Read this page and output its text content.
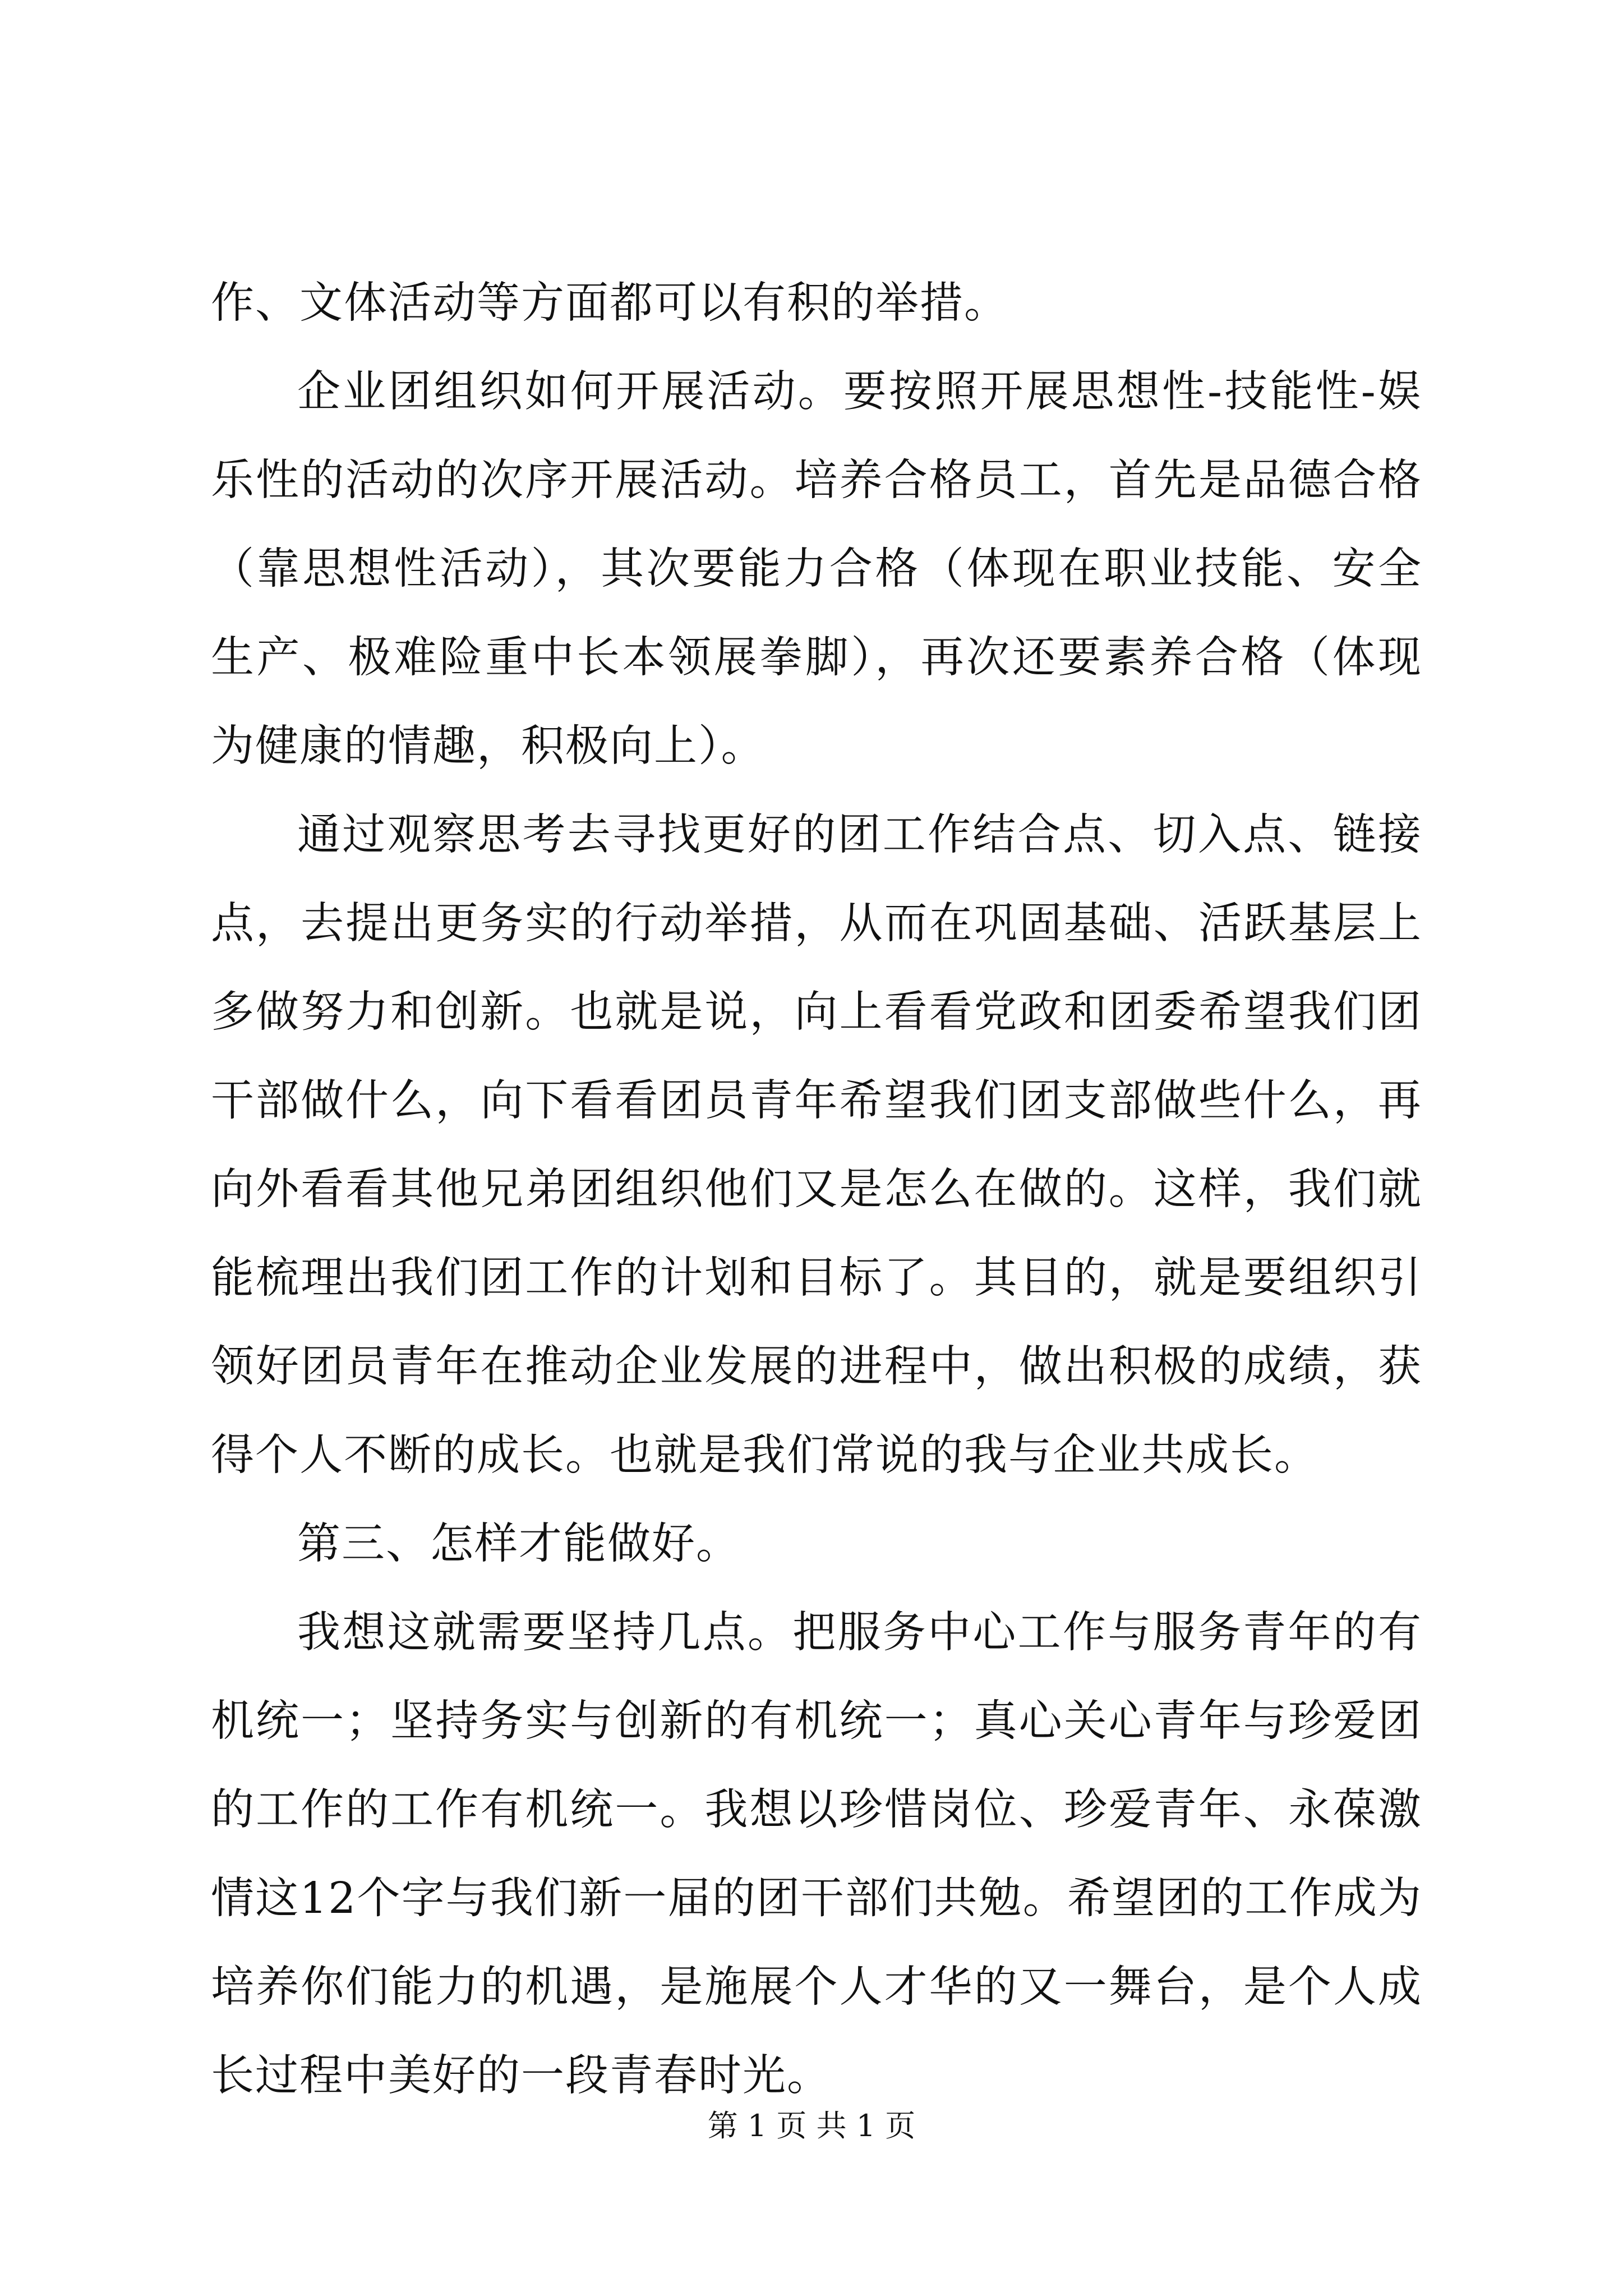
作、文体活动等方面都可以有积的举措。

企业团组织如何开展活动。要按照开展思想性-技能性-娱乐性的活动的次序开展活动。培养合格员工，首先是品德合格（靠思想性活动），其次要能力合格（体现在职业技能、安全生产、极难险重中长本领展拳脚），再次还要素养合格（体现为健康的情趣，积极向上）。

通过观察思考去寻找更好的团工作结合点、切入点、链接点，去提出更务实的行动举措，从而在巩固基础、活跃基层上多做努力和创新。也就是说，向上看看党政和团委希望我们团干部做什么，向下看看团员青年希望我们团支部做些什么，再向外看看其他兄弟团组织他们又是怎么在做的。这样，我们就能梳理出我们团工作的计划和目标了。其目的，就是要组织引领好团员青年在推动企业发展的进程中，做出积极的成绩，获得个人不断的成长。也就是我们常说的我与企业共成长。

第三、怎样才能做好。

我想这就需要坚持几点。把服务中心工作与服务青年的有机统一；坚持务实与创新的有机统一；真心关心青年与珍爱团的工作的工作有机统一。我想以珍惜岗位、珍爱青年、永葆激情这12个字与我们新一届的团干部们共勉。希望团的工作成为培养你们能力的机遇，是施展个人才华的又一舞台，是个人成长过程中美好的一段青春时光。

第 1 页 共 1 页
